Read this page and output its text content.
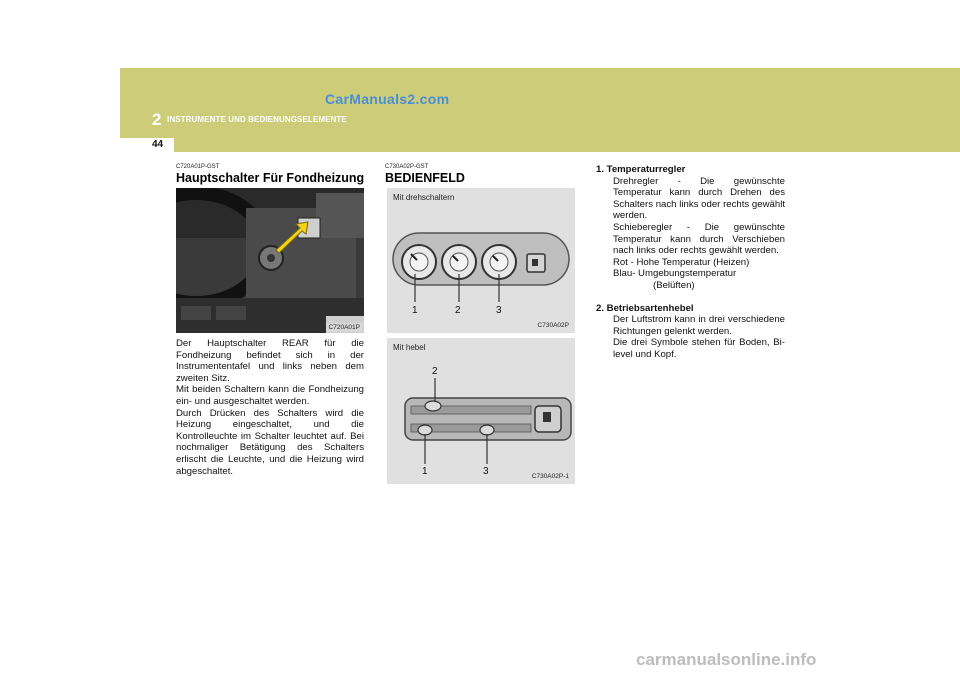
CarManuals2.com
2 INSTRUMENTE UND BEDIENUNGSELEMENTE
44
C720A01P-GST
Hauptschalter Für Fondheizung
C720A01P

Der Hauptschalter REAR für die Fondheizung befindet sich in der Instrumententafel und links neben dem zweiten Sitz.

Mit beiden Schaltern kann die Fondheizung ein- und ausgeschaltet werden.

Durch Drücken des Schalters wird die Heizung eingeschaltet, und die Kontrolleuchte im Schalter leuchtet auf. Bei nochmaliger Betätigung des Schalters erlischt die Leuchte, und die Heizung wird abgeschaltet.

C730A02P-GST
BEDIENFELD
Mit drehschaltern
1	2	3
C730A02P
Mit hebel
2
1	3	C730A02P-1
1. Temperaturregler

Drehregler - Die gewünschte Temperatur kann durch Drehen des Schalters nach links oder rechts gewählt werden.

Schieberegler - Die gewünschte Temperatur kann durch Verschieben nach links oder rechts gewählt werden.

Rot - Hohe Temperatur (Heizen)

Blau- Umgebungstemperatur

(Belüften)

2. Betriebsartenhebel

Der Luftstrom kann in drei verschiedene Richtungen gelenkt werden.

Die drei Symbole stehen für Boden, Bi-level und Kopf.

carmanualsonline.info
